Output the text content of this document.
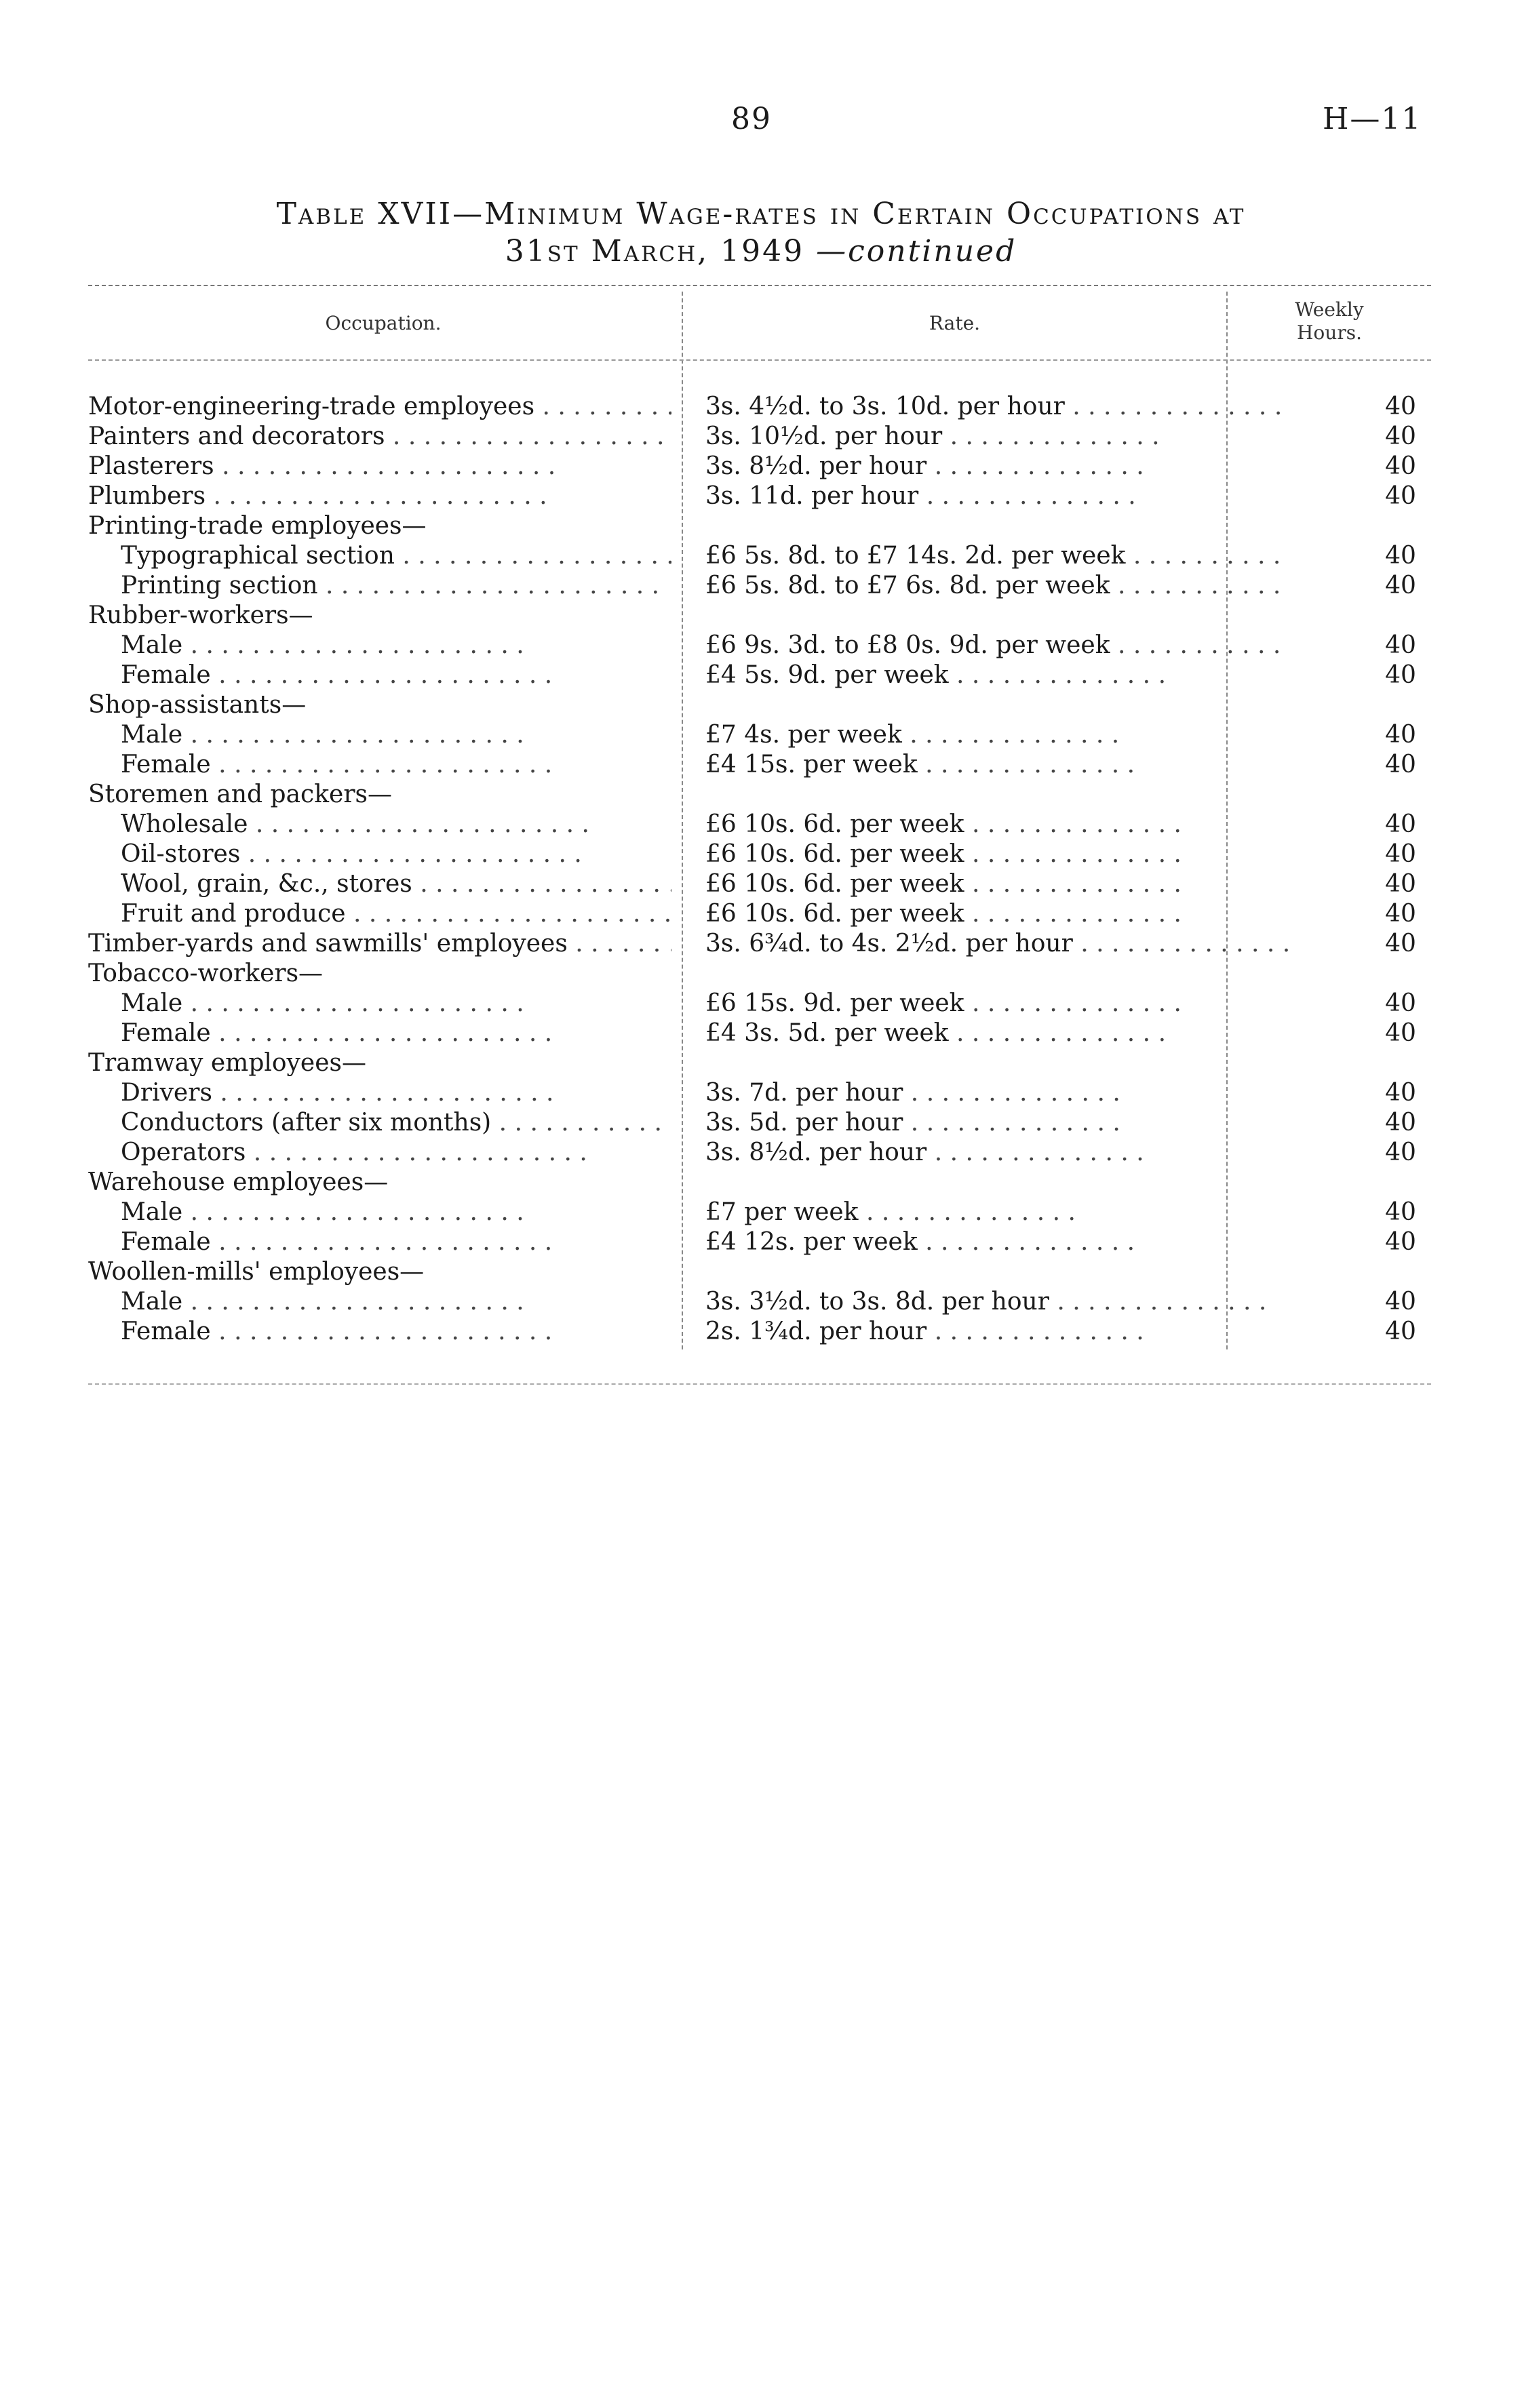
89	H—11
Table XVII—Minimum Wage-rates in Certain Occupations at
31st March, 1949 —continued
Occupation.	Rate.
Weekly
Hours.
Motor-engineering-trade employees . .	3s. 4½d. to 3s. 10d. per hour . .	40
Painters and decorators . .	3s. 10½d. per hour . .	40
Plasterers . .	3s. 8½d. per hour . .	40
Plumbers . .	3s. 11d. per hour . .	40
Printing-trade employees—
Typographical section . .	£6 5s. 8d. to £7 14s. 2d. per week . .	40
Printing section . .	£6 5s. 8d. to £7 6s. 8d. per week . .	40
Rubber-workers—
Male . .	£6 9s. 3d. to £8 0s. 9d. per week . .	40
Female . .	£4 5s. 9d. per week . .	40
Shop-assistants—
Male . .	£7 4s. per week . .	40
Female . .	£4 15s. per week . .	40
Storemen and packers—
Wholesale . .	£6 10s. 6d. per week . .	40
Oil-stores . .	£6 10s. 6d. per week . .	40
Wool, grain, &c., stores . .	£6 10s. 6d. per week . .	40
Fruit and produce . .	£6 10s. 6d. per week . .	40
Timber-yards and sawmills' employees . .	3s. 6¾d. to 4s. 2½d. per hour . .	40
Tobacco-workers—
Male . .	£6 15s. 9d. per week . .	40
Female . .	£4 3s. 5d. per week . .	40
Tramway employees—
Drivers . .	3s. 7d. per hour . .	40
Conductors (after six months) . .	3s. 5d. per hour . .	40
Operators . .	3s. 8½d. per hour . .	40
Warehouse employees—
Male . .	£7 per week . .	40
Female . .	£4 12s. per week . .	40
Woollen-mills' employees—
Male . .	3s. 3½d. to 3s. 8d. per hour . .	40
Female . .	2s. 1¾d. per hour . .	40
